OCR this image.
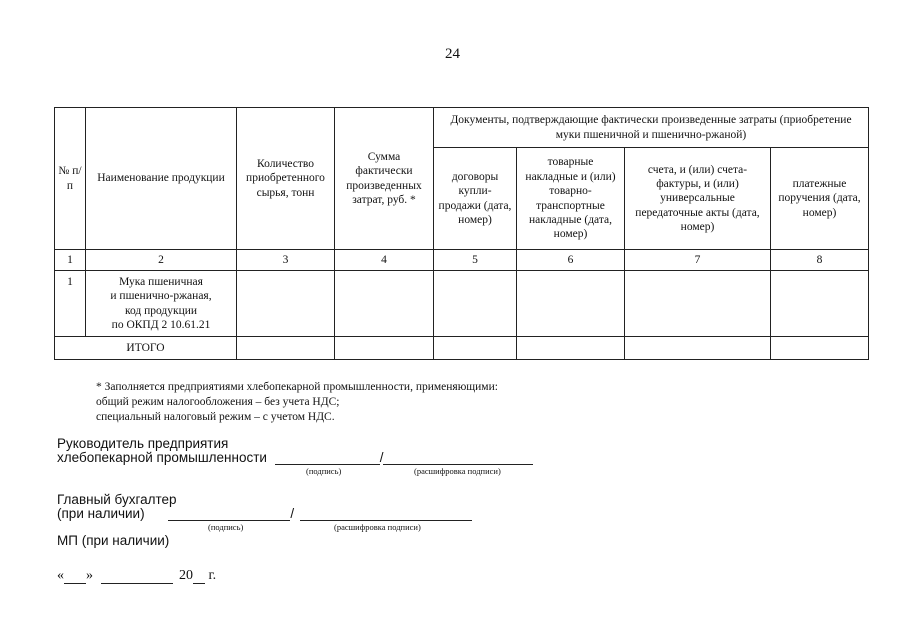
24
№ п/п	Наименование продукции	Количество приобретенного сырья, тонн	Сумма фактически произведенных затрат, руб. *	Документы, подтверждающие фактически произведенные затраты (приобретение муки пшеничной и пшенично-ржаной)			
				договоры купли- продажи (дата, номер)	товарные накладные и (или) товарно- транспортные накладные (дата, номер)	счета, и (или) счета-фактуры, и (или) универсальные передаточные акты (дата, номер)	платежные поручения (дата, номер)
1	2	3	4	5	6	7	8
1	Мука пшеничная
и пшенично-ржаная,
код продукции
по ОКПД 2 10.61.21						

ИТОГО							
* Заполняется предприятиями хлебопекарной промышленности, применяющими:
общий режим налогообложения – без учета НДС;
специальный налоговый режим – с учетом НДС.
Руководитель предприятия
хлебопекарной промышленности	/
(подпись)	(расшифровка подписи)
Главный бухгалтер
(при наличии)	/
(подпись)	(расшифровка подписи)
МП (при наличии)
« »	20 г.
